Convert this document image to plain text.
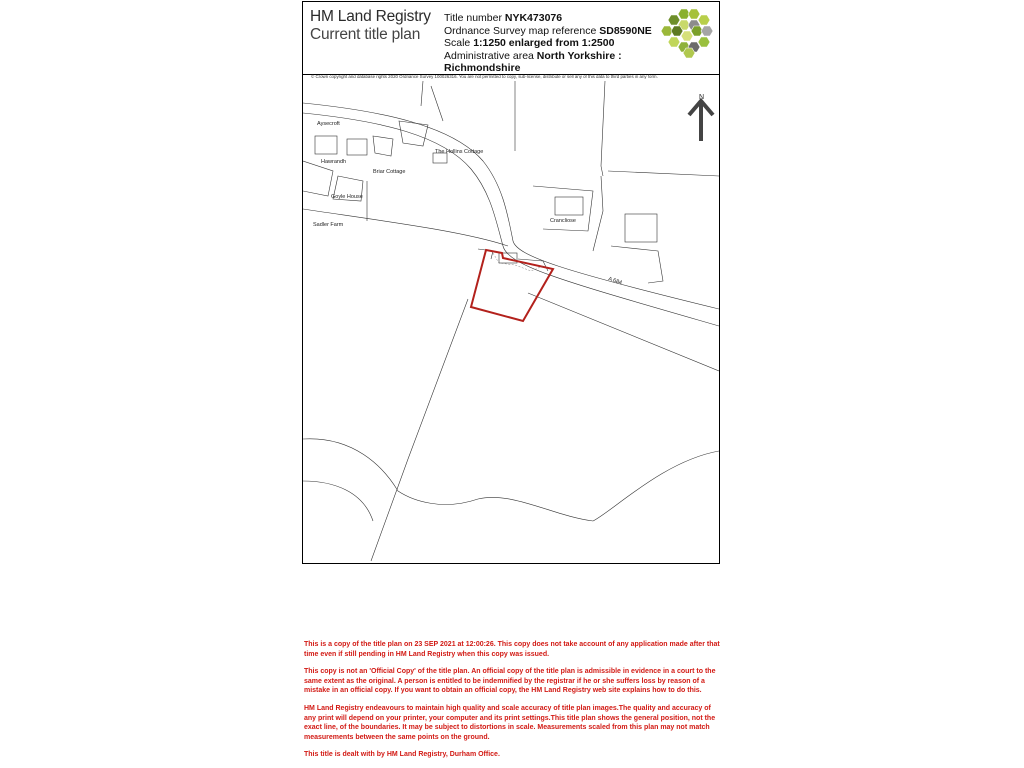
HM Land Registry
Current title plan
Title number NYK473076
Ordnance Survey map reference SD8590NE
Scale 1:1250 enlarged from 1:2500
Administrative area North Yorkshire : Richmondshire
© Crown copyright and database rights 2020 Ordnance Survey 100026316. You are not permitted to copy, sub-license, distribute or sell any of this data to third parties in any form.
N
Aysecroft
Hawrandh
Briar Cottage
The Hollins Cottage
Goyle House
Sadler Farm
Crancliose
A 684

This is a copy of the title plan on 23 SEP 2021 at 12:00:26. This copy does not take account of any application made after that time even if still pending in HM Land Registry when this copy was issued.

This copy is not an 'Official Copy' of the title plan. An official copy of the title plan is admissible in evidence in a court to the same extent as the original. A person is entitled to be indemnified by the registrar if he or she suffers loss by reason of a mistake in an official copy. If you want to obtain an official copy, the HM Land Registry web site explains how to do this.

HM Land Registry endeavours to maintain high quality and scale accuracy of title plan images.The quality and accuracy of any print will depend on your printer, your computer and its print settings.This title plan shows the general position, not the exact line, of the boundaries. It may be subject to distortions in scale. Measurements scaled from this plan may not match measurements between the same points on the ground.

This title is dealt with by HM Land Registry, Durham Office.
